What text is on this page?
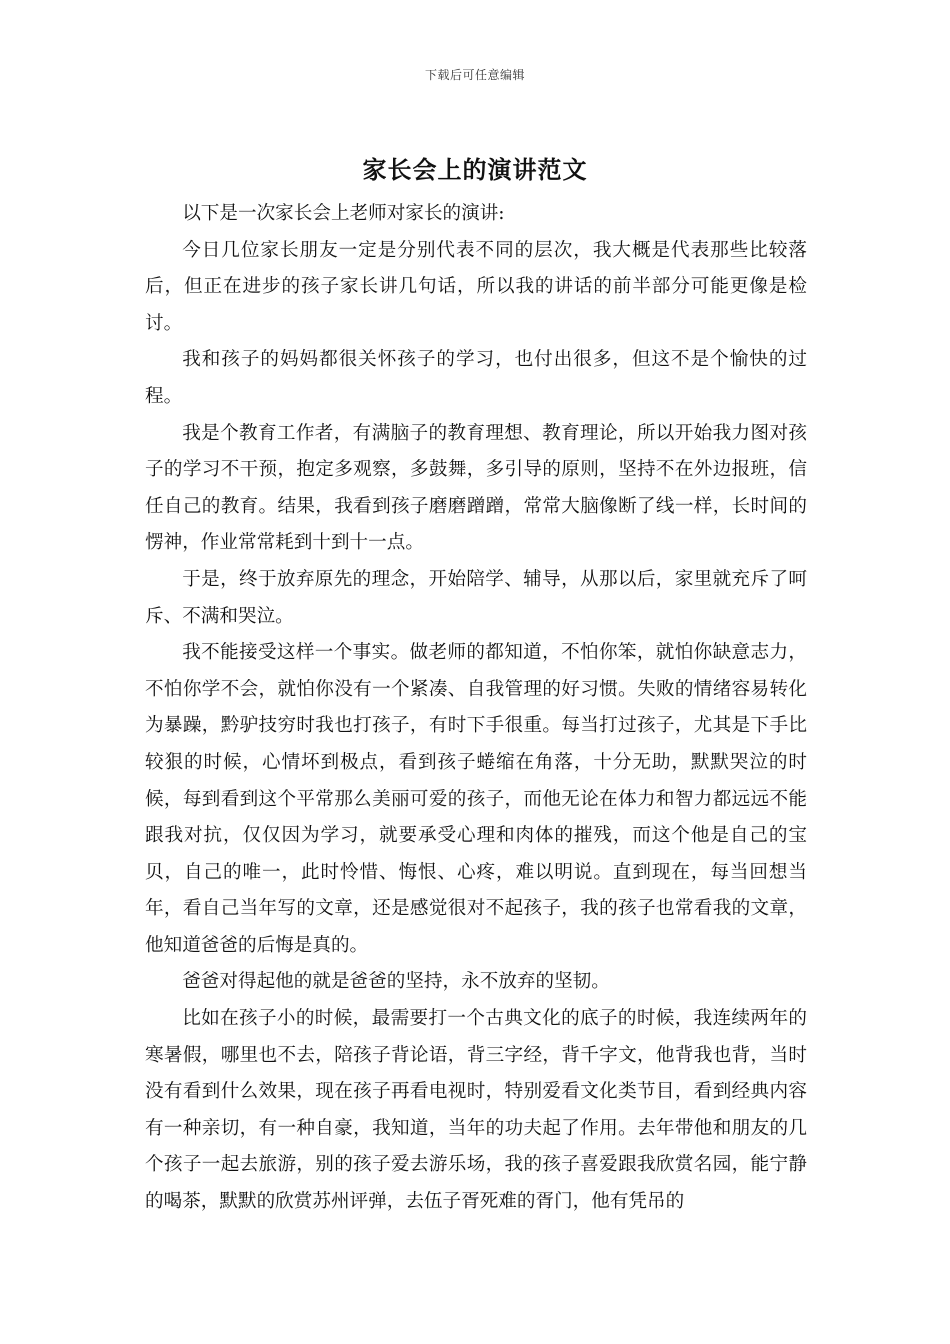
下载后可任意编辑
家长会上的演讲范文

以下是一次家长会上老师对家长的演讲:

今日几位家长朋友一定是分别代表不同的层次，我大概是代表那些比较落后，但正在进步的孩子家长讲几句话，所以我的讲话的前半部分可能更像是检讨。

我和孩子的妈妈都很关怀孩子的学习，也付出很多，但这不是个愉快的过程。

我是个教育工作者，有满脑子的教育理想、教育理论，所以开始我力图对孩子的学习不干预，抱定多观察，多鼓舞，多引导的原则，坚持不在外边报班，信任自己的教育。结果，我看到孩子磨磨蹭蹭，常常大脑像断了线一样，长时间的愣神，作业常常耗到十到十一点。

于是，终于放弃原先的理念，开始陪学、辅导，从那以后，家里就充斥了呵斥、不满和哭泣。

我不能接受这样一个事实。做老师的都知道，不怕你笨，就怕你缺意志力，不怕你学不会，就怕你没有一个紧凑、自我管理的好习惯。失败的情绪容易转化为暴躁，黔驴技穷时我也打孩子，有时下手很重。每当打过孩子，尤其是下手比较狠的时候，心情坏到极点，看到孩子蜷缩在角落，十分无助，默默哭泣的时候，每到看到这个平常那么美丽可爱的孩子，而他无论在体力和智力都远远不能跟我对抗，仅仅因为学习，就要承受心理和肉体的摧残，而这个他是自己的宝贝，自己的唯一，此时怜惜、悔恨、心疼，难以明说。直到现在，每当回想当年，看自己当年写的文章，还是感觉很对不起孩子，我的孩子也常看我的文章，他知道爸爸的后悔是真的。

爸爸对得起他的就是爸爸的坚持，永不放弃的坚韧。

比如在孩子小的时候，最需要打一个古典文化的底子的时候，我连续两年的寒暑假，哪里也不去，陪孩子背论语，背三字经，背千字文，他背我也背，当时没有看到什么效果，现在孩子再看电视时，特别爱看文化类节目，看到经典内容有一种亲切，有一种自豪，我知道，当年的功夫起了作用。去年带他和朋友的几个孩子一起去旅游，别的孩子爱去游乐场，我的孩子喜爱跟我欣赏名园，能宁静的喝茶，默默的欣赏苏州评弹，去伍子胥死难的胥门，他有凭吊的
